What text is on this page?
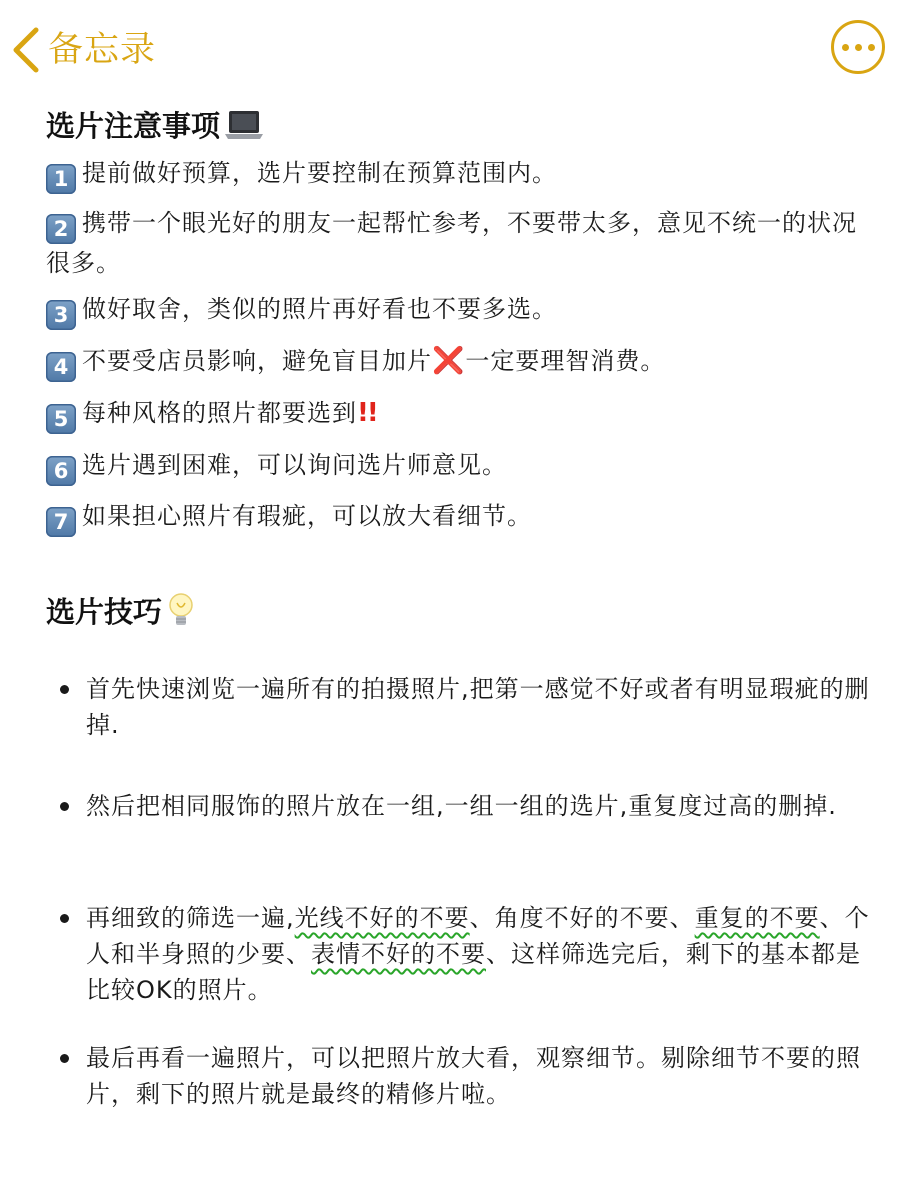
备忘录
选片注意事项
1 提前做好预算，选片要控制在预算范围内。
2 携带一个眼光好的朋友一起帮忙参考，不要带太多，意见不统一的状况很多。
3 做好取舍，类似的照片再好看也不要多选。
4 不要受店员影响，避免盲目加片❌一定要理智消费。
5 每种风格的照片都要选到!!
6 选片遇到困难，可以询问选片师意见。
7 如果担心照片有瑕疵，可以放大看细节。
选片技巧
首先快速浏览一遍所有的拍摄照片,把第一感觉不好或者有明显瑕疵的删掉.
然后把相同服饰的照片放在一组,一组一组的选片,重复度过高的删掉.
再细致的筛选一遍,光线不好的不要、角度不好的不要、重复的不要、个人和半身照的少要、表情不好的不要、这样筛选完后，剩下的基本都是比较OK的照片。
最后再看一遍照片，可以把照片放大看，观察细节。剔除细节不要的照片，剩下的照片就是最终的精修片啦。
